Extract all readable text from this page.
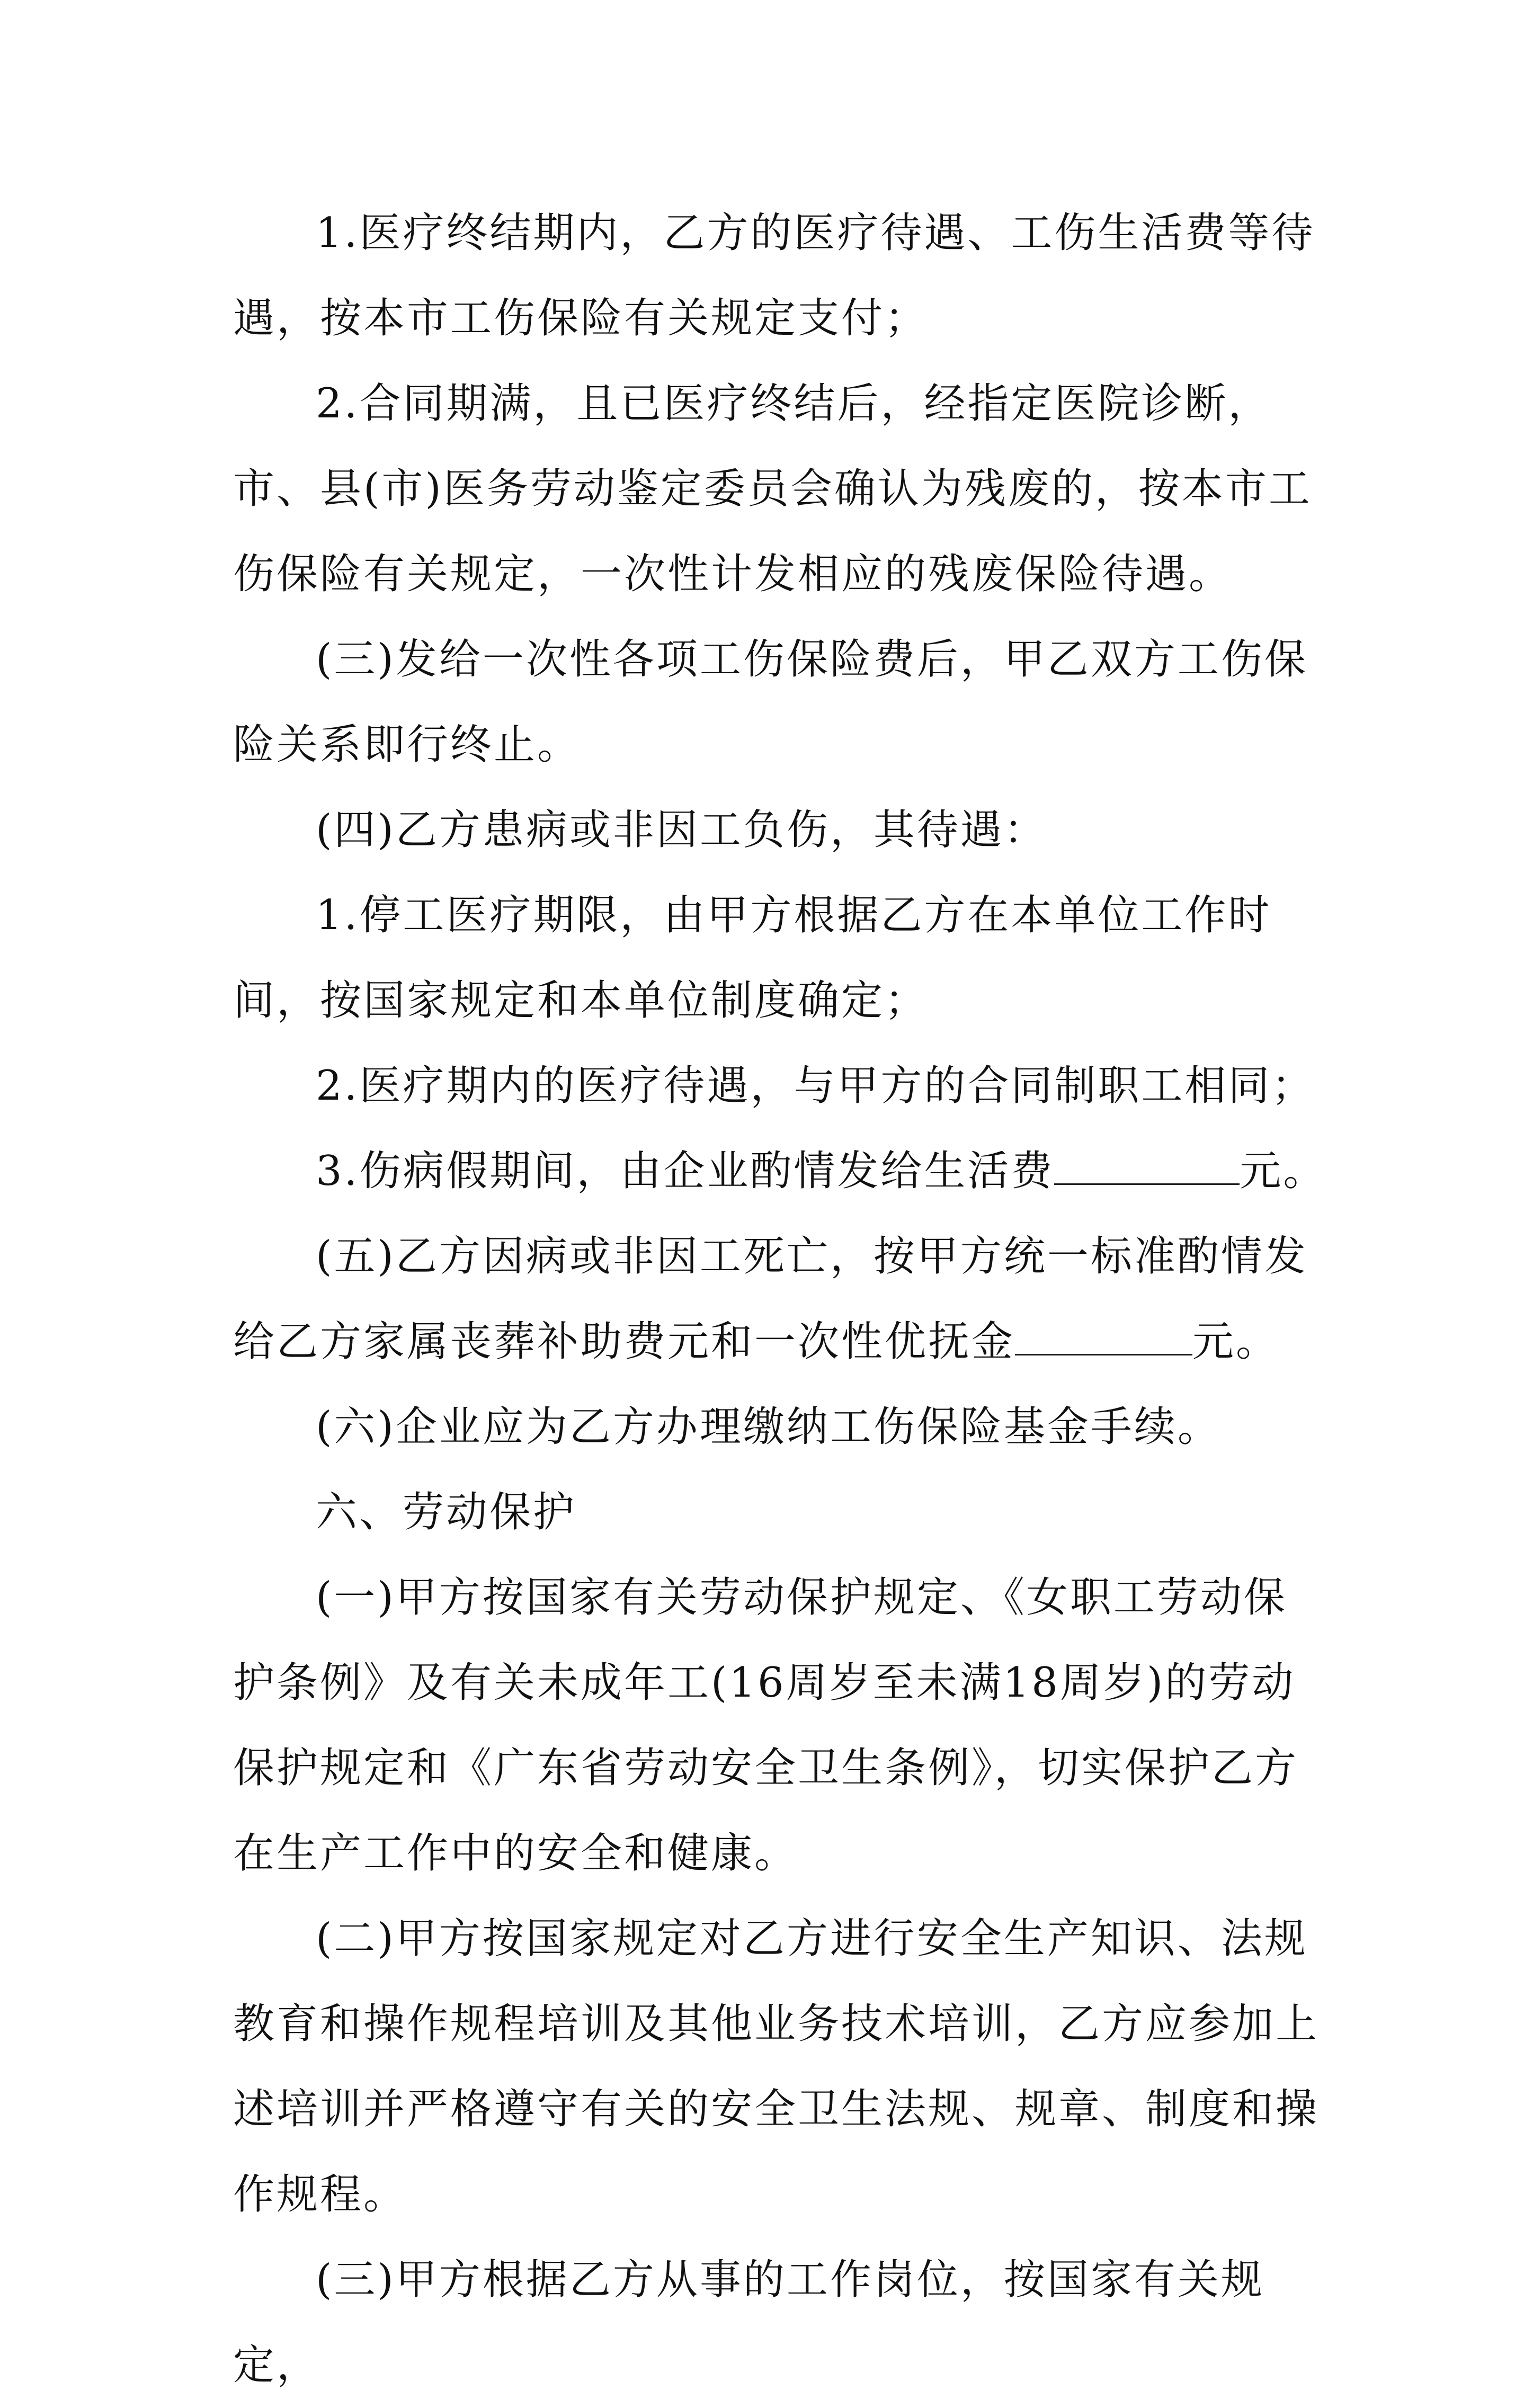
1.医疗终结期内，乙方的医疗待遇、工伤生活费等待遇，按本市工伤保险有关规定支付；

2.合同期满，且已医疗终结后，经指定医院诊断，市、县(市)医务劳动鉴定委员会确认为残废的，按本市工伤保险有关规定，一次性计发相应的残废保险待遇。

(三)发给一次性各项工伤保险费后，甲乙双方工伤保险关系即行终止。

(四)乙方患病或非因工负伤，其待遇：

1.停工医疗期限，由甲方根据乙方在本单位工作时间，按国家规定和本单位制度确定；

2.医疗期内的医疗待遇，与甲方的合同制职工相同；

3.伤病假期间，由企业酌情发给生活费	元。

(五)乙方因病或非因工死亡，按甲方统一标准酌情发给乙方家属丧葬补助费元和一次性优抚金	元。

(六)企业应为乙方办理缴纳工伤保险基金手续。

六、劳动保护

(一)甲方按国家有关劳动保护规定、《女职工劳动保护条例》及有关未成年工(16周岁至未满18周岁)的劳动保护规定和《广东省劳动安全卫生条例》，切实保护乙方在生产工作中的安全和健康。

(二)甲方按国家规定对乙方进行安全生产知识、法规教育和操作规程培训及其他业务技术培训，乙方应参加上述培训并严格遵守有关的安全卫生法规、规章、制度和操作规程。

(三)甲方根据乙方从事的工作岗位，按国家有关规定，
